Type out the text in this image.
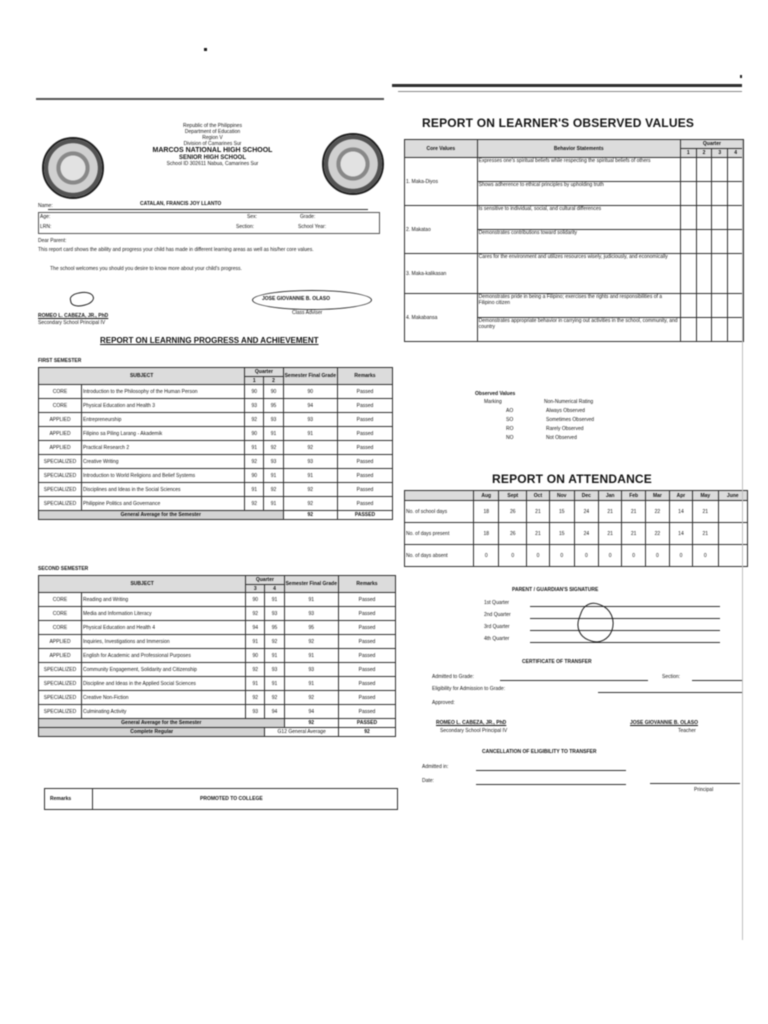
Republic of the Philippines
Department of Education
Region V
Division of Camarines Sur
MARCOS NATIONAL HIGH SCHOOL
SENIOR HIGH SCHOOL
School ID 302611 Nabua, Camarines Sur
Name:	CATALAN, FRANCIS JOY LLANTO
Age:	Sex:	Grade:
LRN:	Section:	School Year:
Dear Parent:
This report card shows the ability and progress your child has made in different learning areas as well as his/her core values.
The school welcomes you should you desire to know more about your child's progress.
ROMEO L. CABEZA, JR., PhD
Secondary School Principal IV
JOSE GIOVANNIE B. OLASO
Class Adviser
REPORT ON LEARNING PROGRESS AND ACHIEVEMENT
FIRST SEMESTER
SUBJECT		Quarter		Semester Final Grade	Remarks
		1	2		
CORE	Introduction to the Philosophy of the Human Person	90	90	90	Passed
CORE	Physical Education and Health 3	93	95	94	Passed
APPLIED	Entrepreneurship	92	93	93	Passed
APPLIED	Filipino sa Piling Larang - Akademik	90	91	91	Passed
APPLIED	Practical Research 2	91	92	92	Passed
SPECIALIZED	Creative Writing	92	93	93	Passed
SPECIALIZED	Introduction to World Religions and Belief Systems	90	91	91	Passed
SPECIALIZED	Disciplines and Ideas in the Social Sciences	91	92	92	Passed
SPECIALIZED	Philippine Politics and Governance	92	91	92	Passed
General Average for the Semester				92	PASSED
SECOND SEMESTER
SUBJECT		Quarter		Semester Final Grade	Remarks
		3	4		
CORE	Reading and Writing	90	91	91	Passed
CORE	Media and Information Literacy	92	93	93	Passed
CORE	Physical Education and Health 4	94	95	95	Passed
APPLIED	Inquiries, Investigations and Immersion	91	92	92	Passed
APPLIED	English for Academic and Professional Purposes	90	91	91	Passed
SPECIALIZED	Community Engagement, Solidarity and Citizenship	92	93	93	Passed
SPECIALIZED	Discipline and Ideas in the Applied Social Sciences	91	91	91	Passed
SPECIALIZED	Creative Non-Fiction	92	92	92	Passed
SPECIALIZED	Culminating Activity	93	94	94	Passed
General Average for the Semester				92	PASSED
Complete Regular			G12 General Average		92
Remarks	PROMOTED TO COLLEGE
REPORT ON LEARNER'S OBSERVED VALUES
Core Values	Behavior Statements	Quarter			
		1	2	3	4
1. Maka-Diyos	Expresses one's spiritual beliefs while respecting the spiritual beliefs of others				
	Shows adherence to ethical principles by upholding truth				
2. Makatao	Is sensitive to individual, social, and cultural differences				
	Demonstrates contributions toward solidarity				
3. Maka-kalikasan	Cares for the environment and utilizes resources wisely, judiciously, and economically				
4. Makabansa	Demonstrates pride in being a Filipino; exercises the rights and responsibilities of a Filipino citizen				
	Demonstrates appropriate behavior in carrying out activities in the school, community, and country				
Observed Values
Marking	Non-Numerical Rating
AO	Always Observed
SO	Sometimes Observed
RO	Rarely Observed
NO	Not Observed
REPORT ON ATTENDANCE
	Aug	Sept	Oct	Nov	Dec	Jan	Feb	Mar	Apr	May	June
No. of school days	18	26	21	15	24	21	21	22	14	21	
No. of days present	18	26	21	15	24	21	21	22	14	21	
No. of days absent	0	0	0	0	0	0	0	0	0	0	
PARENT / GUARDIAN'S SIGNATURE
1st Quarter
2nd Quarter
3rd Quarter
4th Quarter
CERTIFICATE OF TRANSFER
Admitted to Grade:	Section:
Eligibility for Admission to Grade:
Approved:
ROMEO L. CABEZA, JR., PhD
Secondary School Principal IV
JOSE GIOVANNIE B. OLASO
Teacher
CANCELLATION OF ELIGIBILITY TO TRANSFER
Admitted in:
Date:
Principal
